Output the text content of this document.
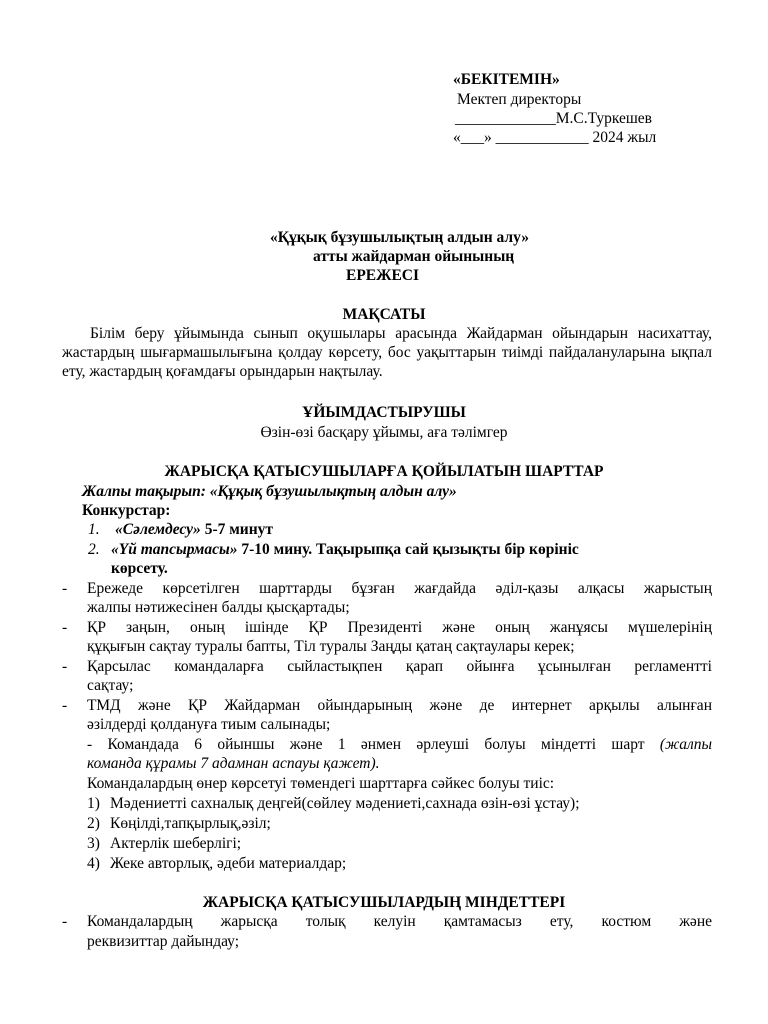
«БЕКІТЕМІН»
Мектеп директоры
_____________М.С.Туркешев
«___» ____________ 2024 жыл
«Құқық бұзушылықтың алдын алу»
атты жайдарман ойынының
ЕРЕЖЕСІ
МАҚСАТЫ
Білім беру ұйымында сынып оқушылары арасында Жайдарман ойындарын насихаттау, жастардың шығармашылығына қолдау көрсету, бос уақыттарын тиімді пайдалануларына ықпал ету, жастардың қоғамдағы орындарын нақтылау.
ҰЙЫМДАСТЫРУШЫ
Өзін-өзі басқару ұйымы, аға тәлімгер
ЖАРЫСҚА ҚАТЫСУШЫЛАРҒА ҚОЙЫЛАТЫН ШАРТТАР
Жалпы тақырып: «Құқық бұзушылықтың алдын алу»
Конкурстар:
1. «Сәлемдесу» 5-7 минут
2. «Үй тапсырмасы» 7-10 мину. Тақырыпқа сай қызықты бір көрініс
көрсету.
- Ережеде көрсетілген шарттарды бұзған жағдайда әділ-қазы алқасы жарыстың
жалпы нәтижесінен балды қысқартады;
- ҚР заңын, оның ішінде ҚР Президенті және оның жанұясы мүшелерінің
құқығын сақтау туралы бапты, Тіл туралы Заңды қатаң сақтаулары керек;
- Қарсылас командаларға сыйластықпен қарап ойынға ұсынылған регламентті
сақтау;
- ТМД және ҚР Жайдарман ойындарының және де интернет арқылы алынған
әзілдерді қолдануға тиым салынады;
- Командада 6 ойыншы және 1 әнмен әрлеуші болуы міндетті шарт (жалпы
команда құрамы 7 адамнан аспауы қажет).
Командалардың өнер көрсетуі төмендегі шарттарға сәйкес болуы тиіс:
1) Мәдениетті сахналық деңгей(сөйлеу мәдениеті,сахнада өзін-өзі ұстау);
2) Көңілді,тапқырлық,әзіл;
3) Актерлік шеберлігі;
4) Жеке авторлық, әдеби материалдар;
ЖАРЫСҚА ҚАТЫСУШЫЛАРДЫҢ МІНДЕТТЕРІ
- Командалардың жарысқа толық келуін қамтамасыз ету, костюм және
реквизиттар дайындау;
